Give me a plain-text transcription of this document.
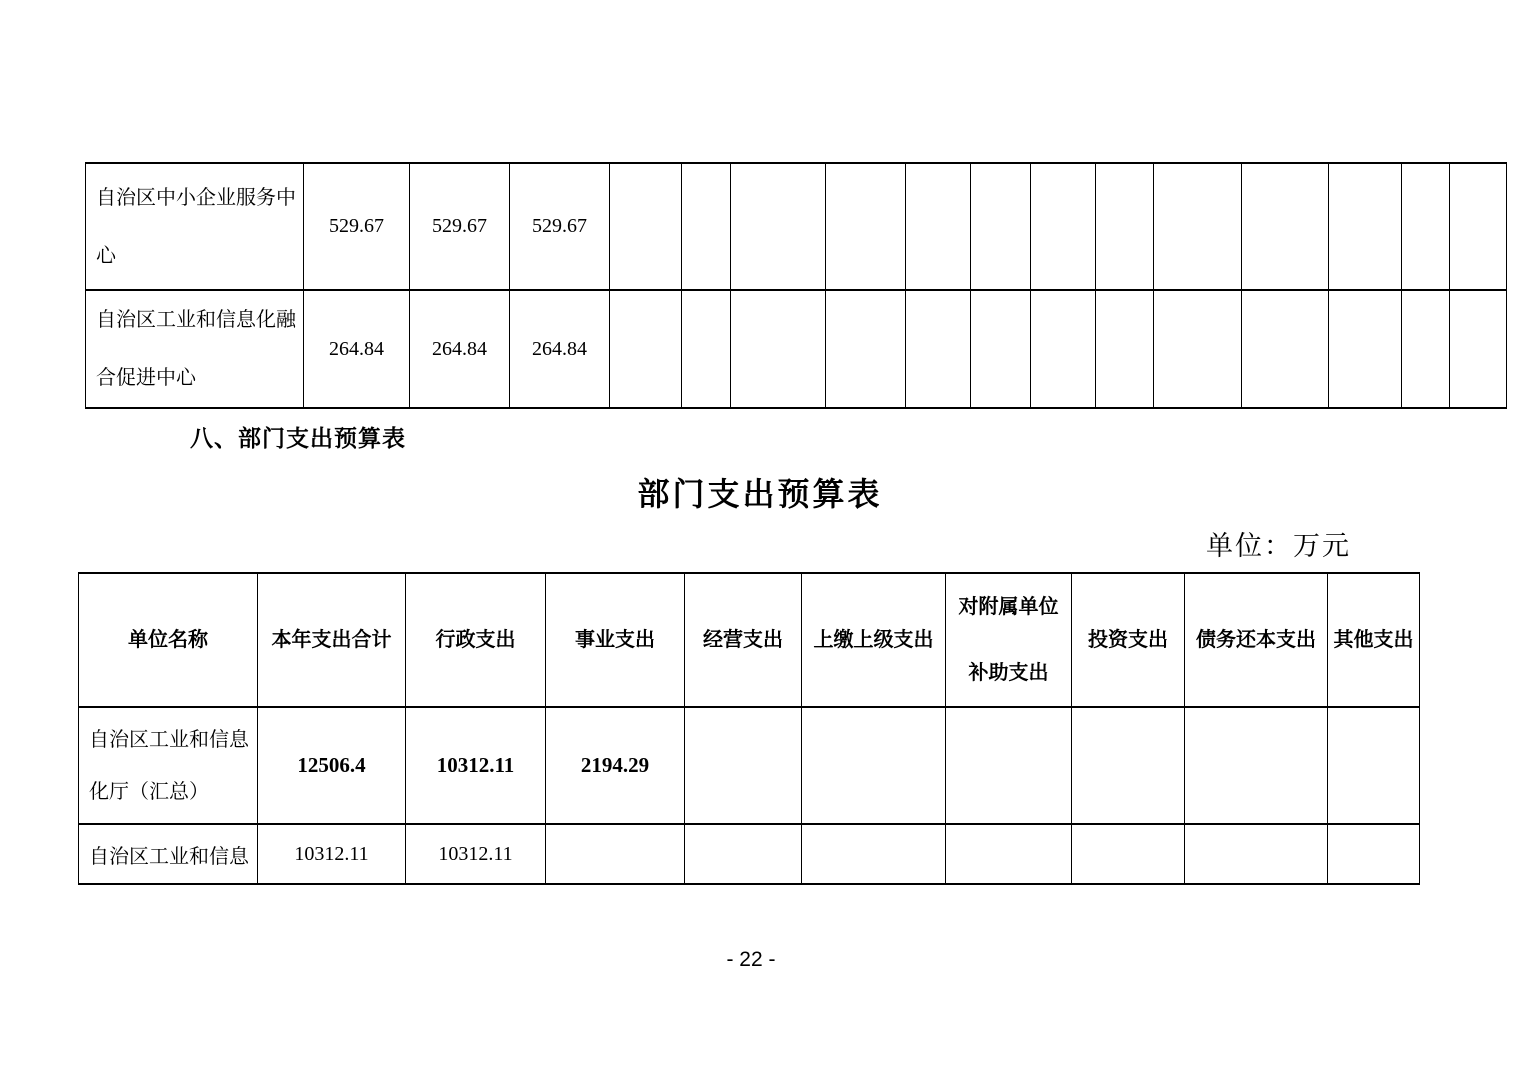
自治区中小企业服务中心	529.67	529.67	529.67													
自治区工业和信息化融合促进中心	264.84	264.84	264.84													
八、部门支出预算表
部门支出预算表
单位：万元
单位名称	本年支出合计	行政支出	事业支出	经营支出	上缴上级支出	对附属单位补助支出	投资支出	债务还本支出	其他支出
自治区工业和信息化厅（汇总）	12506.4	10312.11	2194.29						
自治区工业和信息	10312.11	10312.11							
- 22 -
